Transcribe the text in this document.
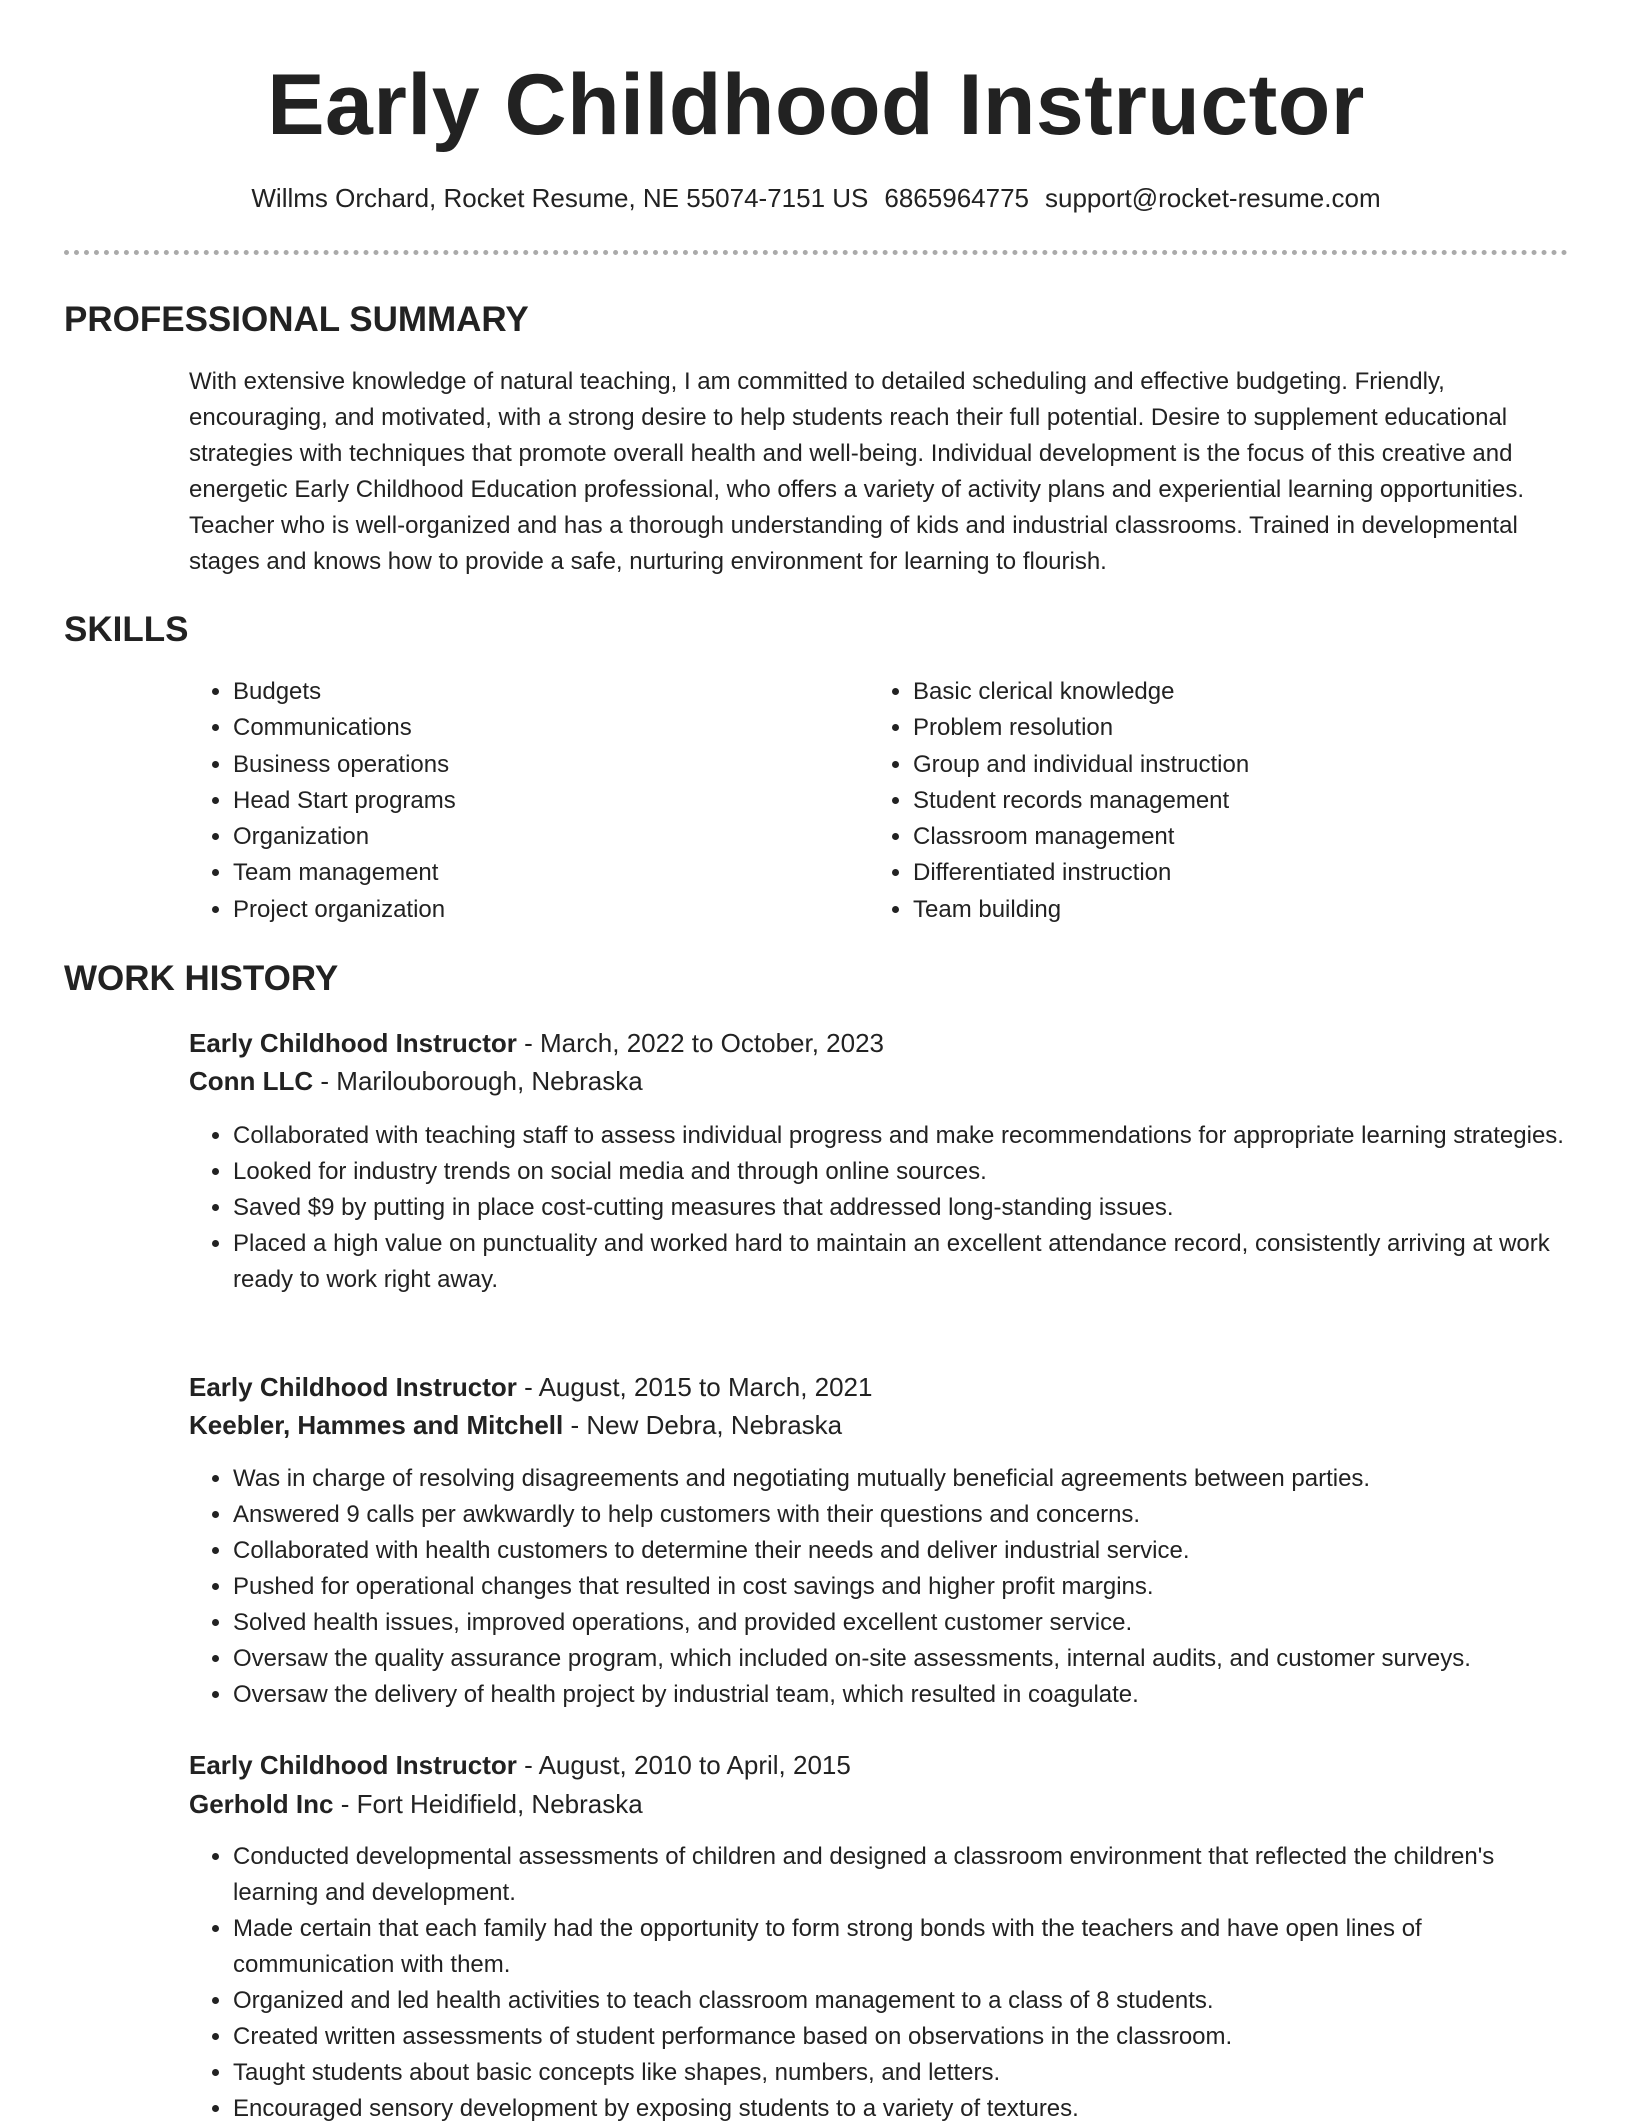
Early Childhood Instructor
Willms Orchard, Rocket Resume, NE 55074-7151 US 6865964775 support@rocket-resume.com
PROFESSIONAL SUMMARY

With extensive knowledge of natural teaching, I am committed to detailed scheduling and effective budgeting. Friendly, encouraging, and motivated, with a strong desire to help students reach their full potential. Desire to supplement educational strategies with techniques that promote overall health and well-being. Individual development is the focus of this creative and energetic Early Childhood Education professional, who offers a variety of activity plans and experiential learning opportunities. Teacher who is well-organized and has a thorough understanding of kids and industrial classrooms. Trained in developmental stages and knows how to provide a safe, nurturing environment for learning to flourish.

SKILLS
• Budgets
• Communications
• Business operations
• Head Start programs
• Organization
• Team management
• Project organization
• Basic clerical knowledge
• Problem resolution
• Group and individual instruction
• Student records management
• Classroom management
• Differentiated instruction
• Team building
WORK HISTORY
Early Childhood Instructor - March, 2022 to October, 2023
Conn LLC - Marilouborough, Nebraska
• Collaborated with teaching staff to assess individual progress and make recommendations for appropriate learning strategies.
• Looked for industry trends on social media and through online sources.
• Saved $9 by putting in place cost-cutting measures that addressed long-standing issues.
• Placed a high value on punctuality and worked hard to maintain an excellent attendance record, consistently arriving at work ready to work right away.
Early Childhood Instructor - August, 2015 to March, 2021
Keebler, Hammes and Mitchell - New Debra, Nebraska
• Was in charge of resolving disagreements and negotiating mutually beneficial agreements between parties.
• Answered 9 calls per awkwardly to help customers with their questions and concerns.
• Collaborated with health customers to determine their needs and deliver industrial service.
• Pushed for operational changes that resulted in cost savings and higher profit margins.
• Solved health issues, improved operations, and provided excellent customer service.
• Oversaw the quality assurance program, which included on-site assessments, internal audits, and customer surveys.
• Oversaw the delivery of health project by industrial team, which resulted in coagulate.
Early Childhood Instructor - August, 2010 to April, 2015
Gerhold Inc - Fort Heidifield, Nebraska
• Conducted developmental assessments of children and designed a classroom environment that reflected the children's learning and development.
• Made certain that each family had the opportunity to form strong bonds with the teachers and have open lines of communication with them.
• Organized and led health activities to teach classroom management to a class of 8 students.
• Created written assessments of student performance based on observations in the classroom.
• Taught students about basic concepts like shapes, numbers, and letters.
• Encouraged sensory development by exposing students to a variety of textures.
